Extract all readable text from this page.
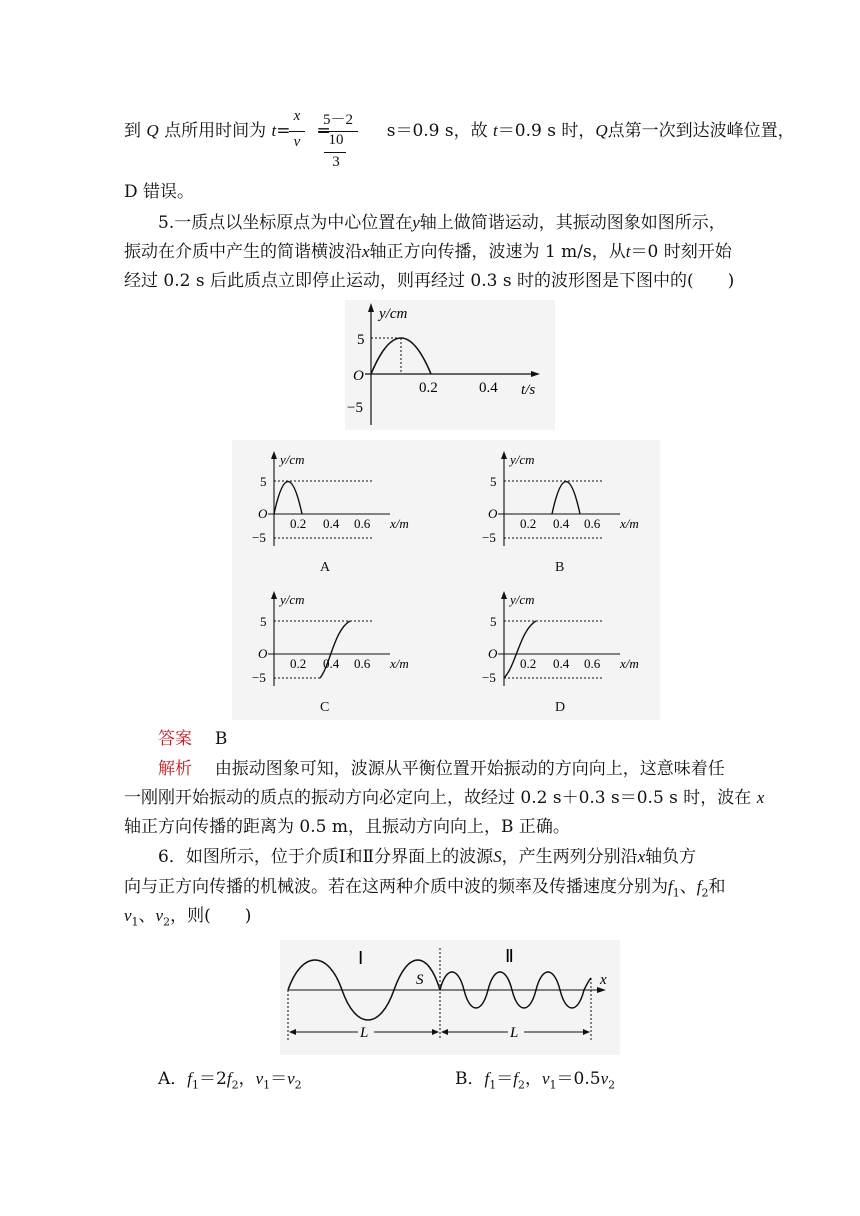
到 Q 点所用时间为 t= =	s＝0.9 s，故 t＝0.9 s 时，Q点第一次到达波峰位置，
x
v
5－2
10
3
D 错误。
5.一质点以坐标原点为中心位置在y轴上做简谐运动，其振动图象如图所示，
振动在介质中产生的简谐横波沿x轴正方向传播，波速为 1 m/s，从t＝0 时刻开始
经过 0.2 s 后此质点立即停止运动，则再经过 0.3 s 时的波形图是下图中的(　　)
y/cm
5
O
−5
0.2	0.4 t/s
y/cm
5
O
−5
0.2 0.4 0.6 x/m
A
y/cm
5
O
−5
0.2 0.4 0.6 x/m
B
y/cm
5
O
−5
0.2 0.4 0.6 x/m
C
y/cm
5
O
−5
0.2 0.4 0.6 x/m
D
答案 B
解析 由振动图象可知，波源从平衡位置开始振动的方向向上，这意味着任
一刚刚开始振动的质点的振动方向必定向上，故经过 0.2 s＋0.3 s＝0.5 s 时，波在 x
轴正方向传播的距离为 0.5 m，且振动方向向上，B 正确。
6．如图所示，位于介质Ⅰ和Ⅱ分界面上的波源S，产生两列分别沿x轴负方
向与正方向传播的机械波。若在这两种介质中波的频率及传播速度分别为$f_1$、$f_2$和
$v_1$、$v_2$，则(　　)
Ⅰ	Ⅱ
S	x
L	L
A．$f_1=2f_2$，$v_1=v_2$	B．$f_1=f_2$，$v_1=0.5v_2$
